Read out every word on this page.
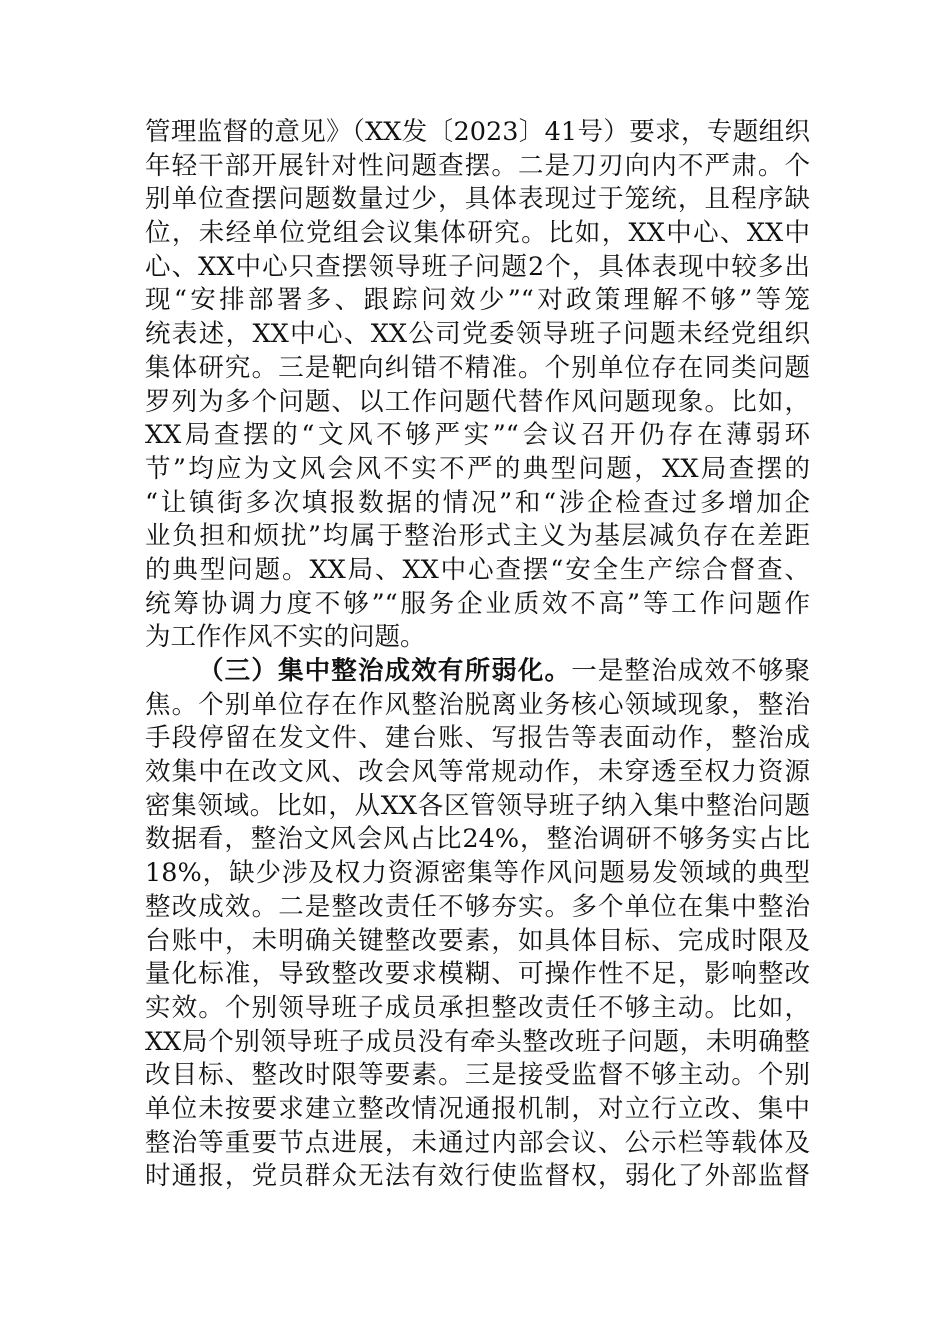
管理监督的意见》（XX发〔2023〕41号）要求，专题组织
年轻干部开展针对性问题查摆。二是刀刃向内不严肃。个
别单位查摆问题数量过少，具体表现过于笼统，且程序缺
位，未经单位党组会议集体研究。比如，XX中心、XX中
心、XX中心只查摆领导班子问题2个，具体表现中较多出
现“安排部署多、跟踪问效少”“对政策理解不够”等笼
统表述，XX中心、XX公司党委领导班子问题未经党组织
集体研究。三是靶向纠错不精准。个别单位存在同类问题
罗列为多个问题、以工作问题代替作风问题现象。比如，
XX局查摆的“文风不够严实”“会议召开仍存在薄弱环
节”均应为文风会风不实不严的典型问题，XX局查摆的
“让镇街多次填报数据的情况”和“涉企检查过多增加企
业负担和烦扰”均属于整治形式主义为基层减负存在差距
的典型问题。XX局、XX中心查摆“安全生产综合督查、
统筹协调力度不够”“服务企业质效不高”等工作问题作
为工作作风不实的问题。
（三）集中整治成效有所弱化。一是整治成效不够聚
焦。个别单位存在作风整治脱离业务核心领域现象，整治
手段停留在发文件、建台账、写报告等表面动作，整治成
效集中在改文风、改会风等常规动作，未穿透至权力资源
密集领域。比如，从XX各区管领导班子纳入集中整治问题
数据看，整治文风会风占比24%，整治调研不够务实占比
18%，缺少涉及权力资源密集等作风问题易发领域的典型
整改成效。二是整改责任不够夯实。多个单位在集中整治
台账中，未明确关键整改要素，如具体目标、完成时限及
量化标准，导致整改要求模糊、可操作性不足，影响整改
实效。个别领导班子成员承担整改责任不够主动。比如，
XX局个别领导班子成员没有牵头整改班子问题，未明确整
改目标、整改时限等要素。三是接受监督不够主动。个别
单位未按要求建立整改情况通报机制，对立行立改、集中
整治等重要节点进展，未通过内部会议、公示栏等载体及
时通报，党员群众无法有效行使监督权，弱化了外部监督
